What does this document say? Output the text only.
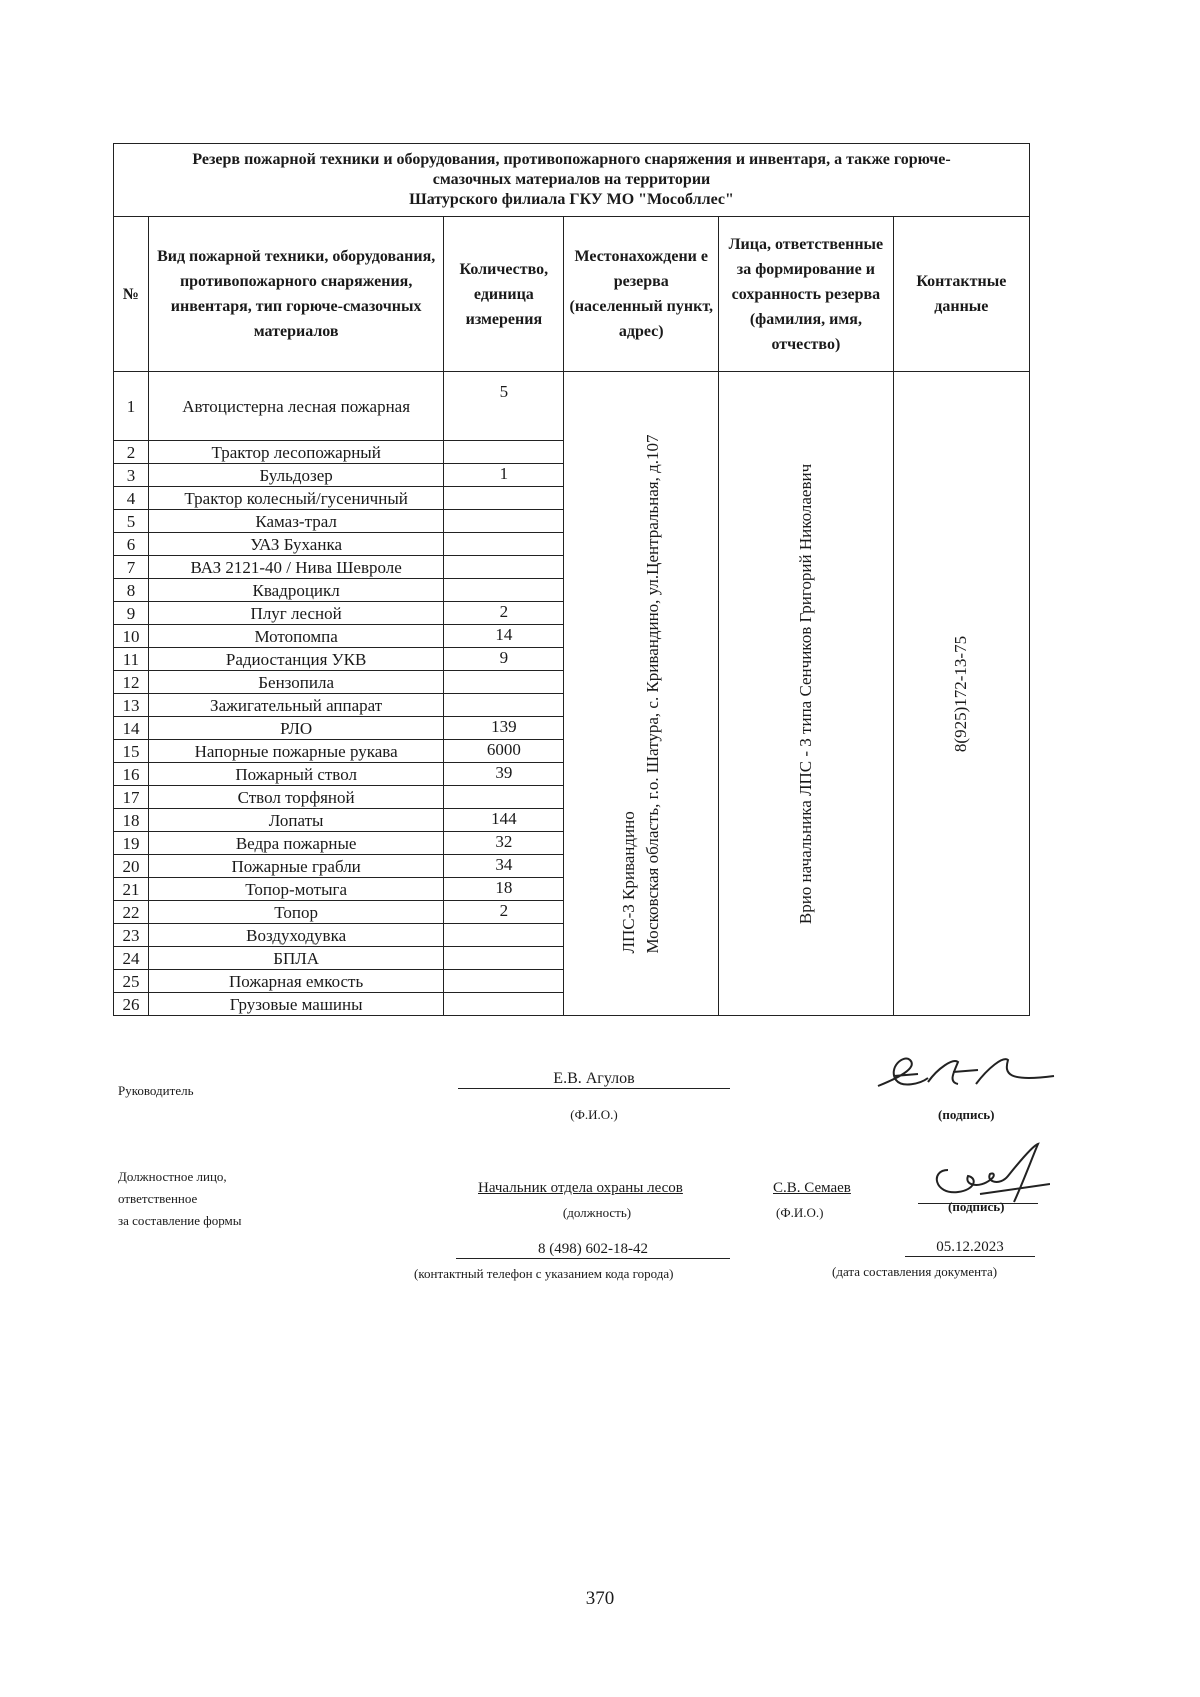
Резерв пожарной техники и оборудования, противопожарного снаряжения и инвентаря, а также горюче-
смазочных материалов на территории
Шатурского филиала ГКУ МО "Мособллес"					

№	Вид пожарной техники, оборудования, противопожарного снаряжения, инвентаря, тип горюче-смазочных материалов	Количество, единица измерения	Местонахождени е резерва (населенный пункт, адрес)	Лица, ответственные за формирование и сохранность резерва (фамилия, имя, отчество)	Контактные данные
1	Автоцистерна лесная пожарная	5	ЛПС-3 Кривандино Московская область, г.о. Шатура, с. Кривандино, ул.Центральная, д.107	Врио начальника ЛПС - 3 типа Сенчиков Григорий Николаевич	8(925)172-13-75

2	Трактор лесопожарный				
3	Бульдозер	1			
4	Трактор колесный/гусеничный				
5	Камаз-трал				
6	УАЗ Буханка				
7	ВАЗ 2121-40 / Нива Шевроле				
8	Квадроцикл				
9	Плуг лесной	2			
10	Мотопомпа	14			
11	Радиостанция УКВ	9			
12	Бензопила				
13	Зажигательный аппарат				
14	РЛО	139			
15	Напорные пожарные рукава	6000			
16	Пожарный ствол	39			
17	Ствол торфяной				
18	Лопаты	144			
19	Ведра пожарные	32			
20	Пожарные грабли	34			
21	Топор-мотыга	18			
22	Топор	2			
23	Воздуходувка				
24	БПЛА				
25	Пожарная емкость				
26	Грузовые машины				
Руководитель
Е.В. Агулов
(Ф.И.О.)	(подпись)
Должностное лицо,
ответственное
за составление формы
Начальник отдела охраны лесов
(должность)
С.В. Семаев
(Ф.И.О.)	(подпись)
8 (498) 602-18-42
(контактный телефон с указанием кода города)
05.12.2023
(дата составления документа)
370
